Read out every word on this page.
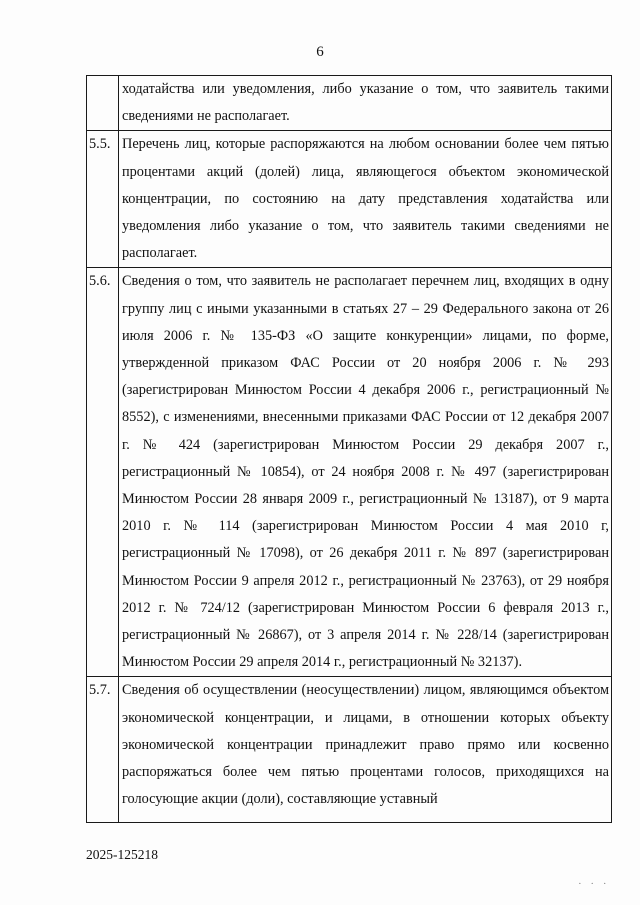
6
	ходатайства или уведомления, либо указание о том, что заявитель такими сведениями не располагает.
5.5.	Перечень лиц, которые распоряжаются на любом основании более чем пятью процентами акций (долей) лица, являющегося объектом экономической концентрации, по состоянию на дату представления ходатайства или уведомления либо указание о том, что заявитель такими сведениями не располагает.
5.6.	Сведения о том, что заявитель не располагает перечнем лиц, входящих в одну группу лиц с иными указанными в статьях 27 – 29 Федерального закона от 26 июля 2006 г. № 135-ФЗ «О защите конкуренции» лицами, по форме, утвержденной приказом ФАС России от 20 ноября 2006 г. № 293 (зарегистрирован Минюстом России 4 декабря 2006 г., регистрационный № 8552), с изменениями, внесенными приказами ФАС России от 12 декабря 2007 г. № 424 (зарегистрирован Минюстом России 29 декабря 2007 г., регистрационный № 10854), от 24 ноября 2008 г. № 497 (зарегистрирован Минюстом России 28 января 2009 г., регистрационный № 13187), от 9 марта 2010 г. № 114 (зарегистрирован Минюстом России 4 мая 2010 г, регистрационный № 17098), от 26 декабря 2011 г. № 897 (зарегистрирован Минюстом России 9 апреля 2012 г., регистрационный № 23763), от 29 ноября 2012 г. № 724/12 (зарегистрирован Минюстом России 6 февраля 2013 г., регистрационный № 26867), от 3 апреля 2014 г. № 228/14 (зарегистрирован Минюстом России 29 апреля 2014 г., регистрационный № 32137).
5.7.	Сведения об осуществлении (неосуществлении) лицом, являющимся объектом экономической концентрации, и лицами, в отношении которых объекту экономической концентрации принадлежит право прямо или косвенно распоряжаться более чем пятью процентами голосов, приходящихся на голосующие акции (доли), составляющие уставный
2025-125218
· · ·
